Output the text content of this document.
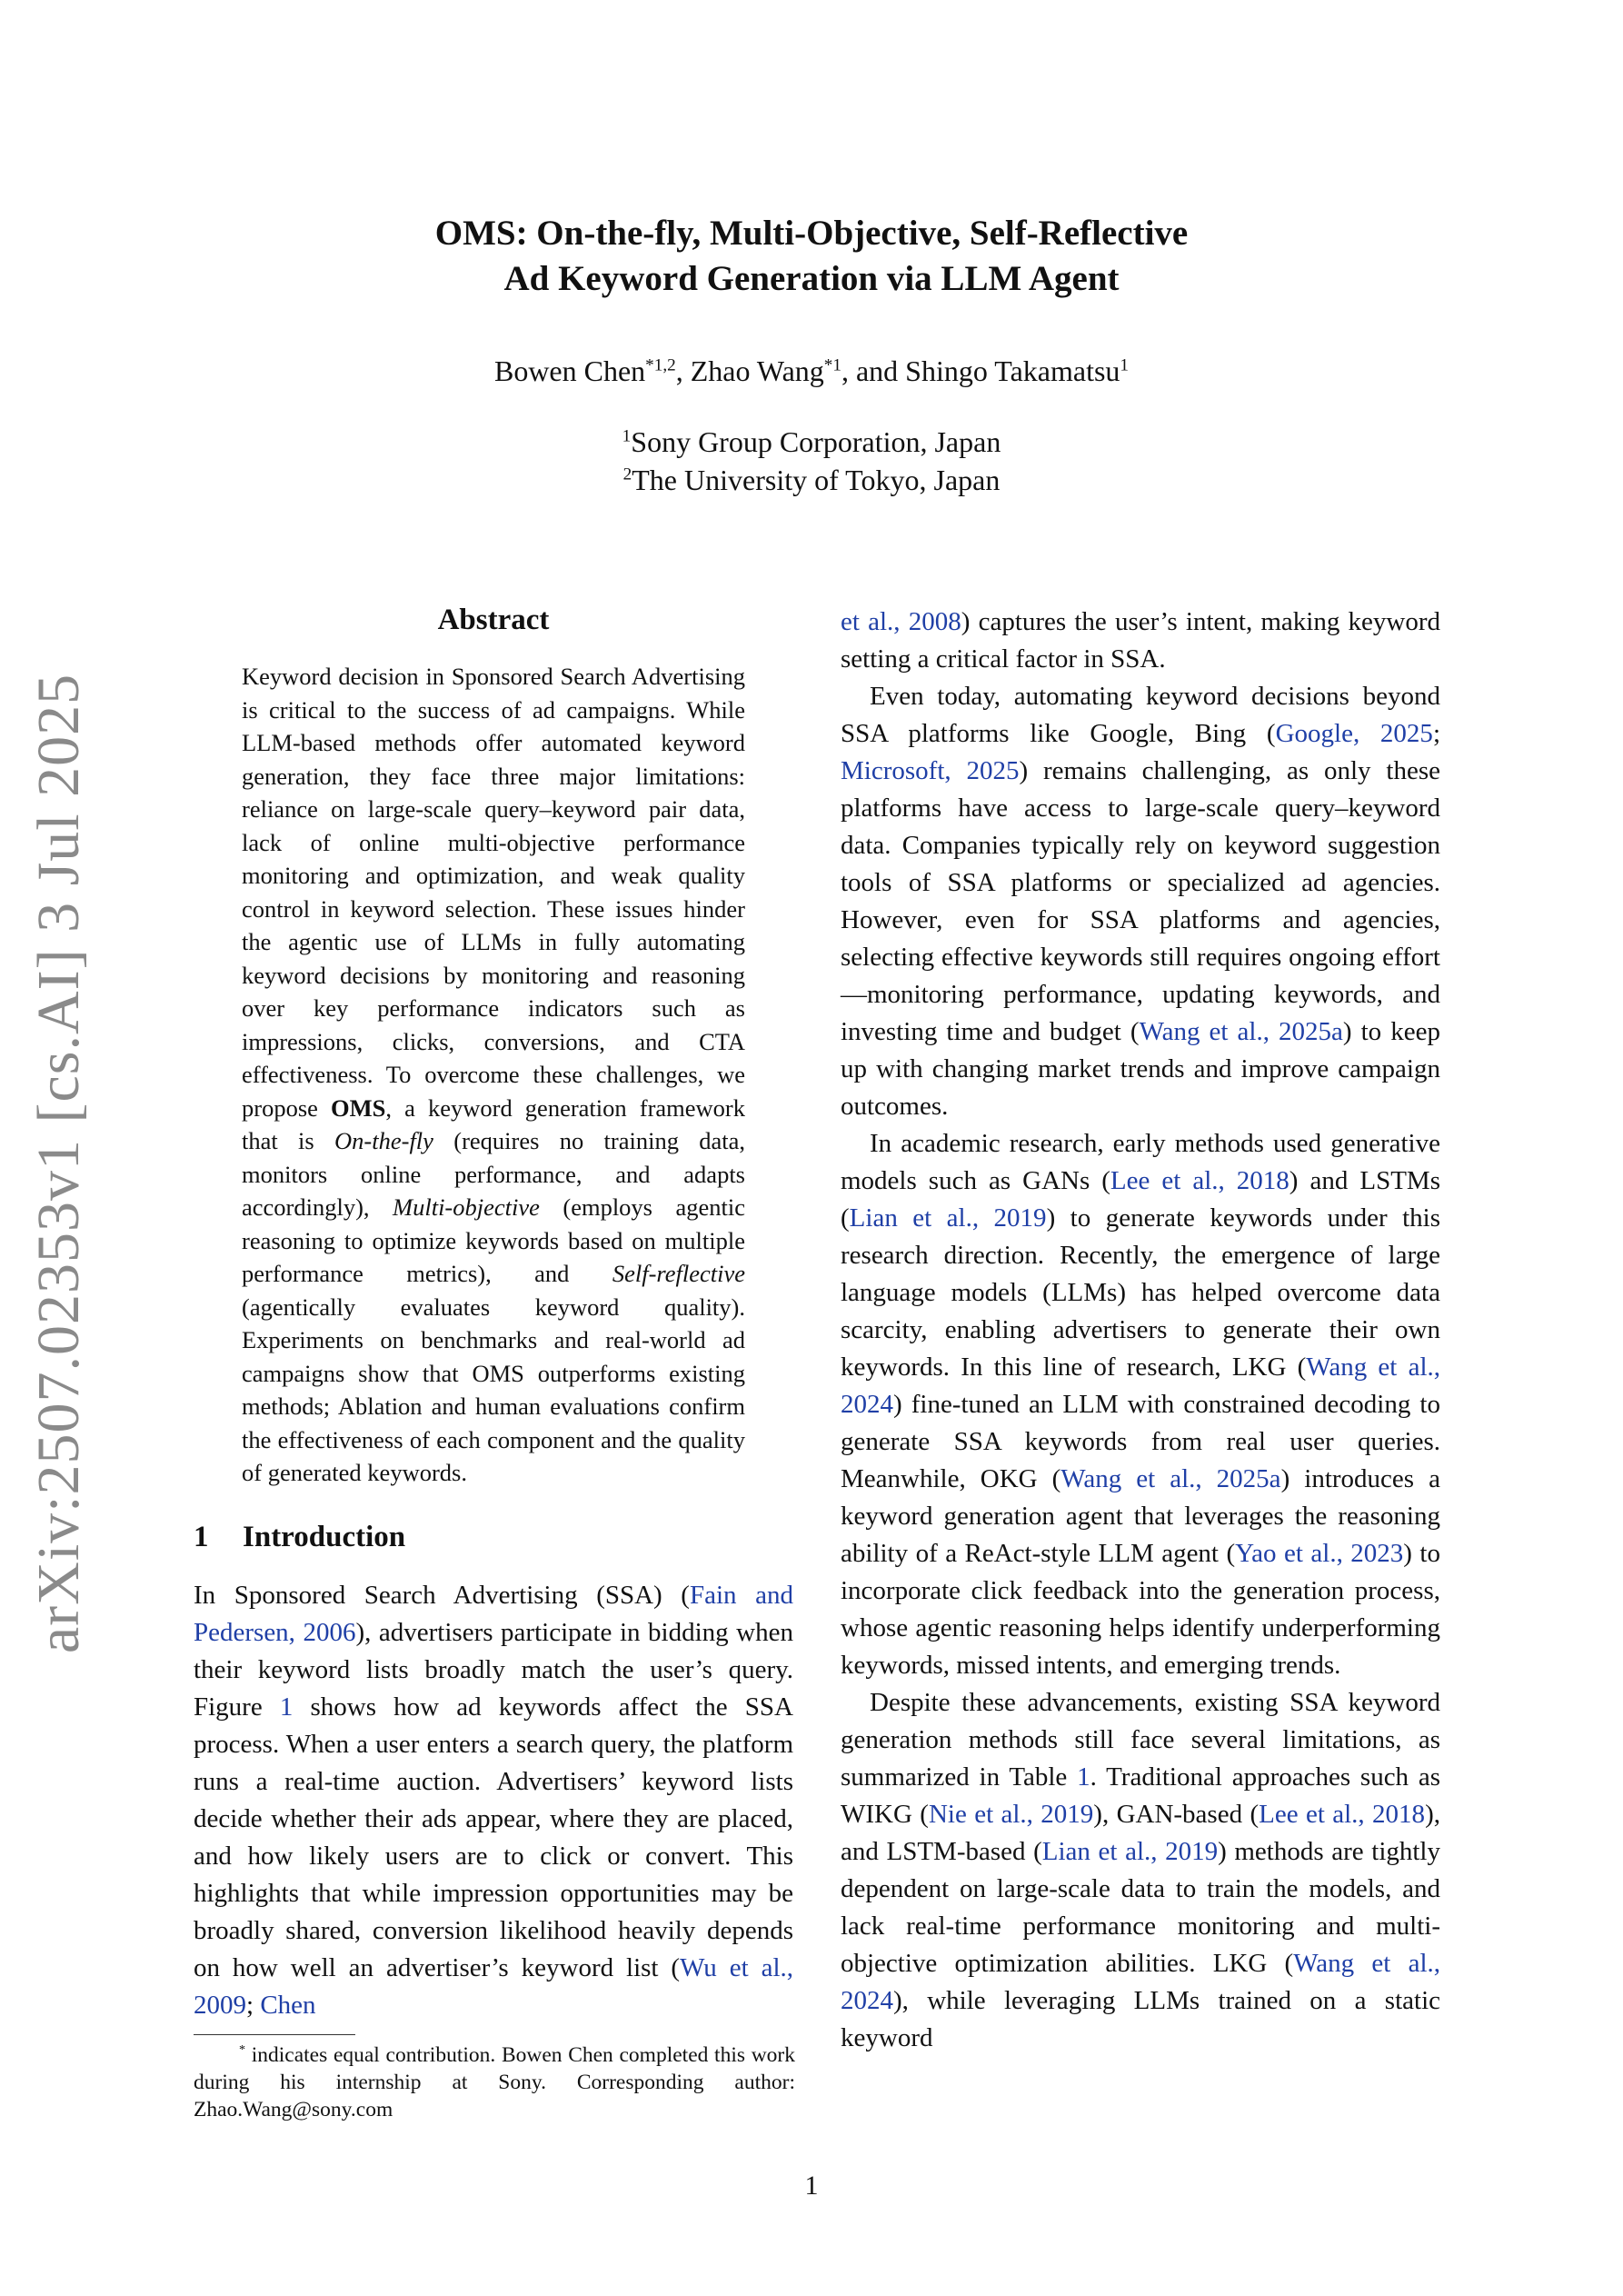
arXiv:2507.02353v1 [cs.AI] 3 Jul 2025
OMS: On-the-fly, Multi-Objective, Self-Reflective
Ad Keyword Generation via LLM Agent
Bowen Chen$^{*1,2}$, Zhao Wang$^{*1}$, and Shingo Takamatsu$^1$
$^1$Sony Group Corporation, Japan
$^2$The University of Tokyo, Japan
Abstract
Keyword decision in Sponsored Search Advertising is critical to the success of ad campaigns. While LLM-based methods offer automated keyword generation, they face three major limitations: reliance on large-scale query–keyword pair data, lack of online multi-objective performance monitoring and optimization, and weak quality control in keyword selection. These issues hinder the agentic use of LLMs in fully automating keyword decisions by monitoring and reasoning over key performance indicators such as impressions, clicks, conversions, and CTA effectiveness. To overcome these challenges, we propose OMS, a keyword generation framework that is On-the-fly (requires no training data, monitors online performance, and adapts accordingly), Multi-objective (employs agentic reasoning to optimize keywords based on multiple performance metrics), and Self-reflective (agentically evaluates keyword quality). Experiments on benchmarks and real-world ad campaigns show that OMS outperforms existing methods; Ablation and human evaluations confirm the effectiveness of each component and the quality of generated keywords.
1 Introduction

In Sponsored Search Advertising (SSA) (Fain and Pedersen, 2006), advertisers participate in bidding when their keyword lists broadly match the user’s query. Figure 1 shows how ad keywords affect the SSA process. When a user enters a search query, the platform runs a real-time auction. Advertisers’ keyword lists decide whether their ads appear, where they are placed, and how likely users are to click or convert. This highlights that while impression opportunities may be broadly shared, conversion likelihood heavily depends on how well an advertiser’s keyword list (Wu et al., 2009; Chen

et al., 2008) captures the user’s intent, making keyword setting a critical factor in SSA.

Even today, automating keyword decisions beyond SSA platforms like Google, Bing (Google, 2025; Microsoft, 2025) remains challenging, as only these platforms have access to large-scale query–keyword data. Companies typically rely on keyword suggestion tools of SSA platforms or specialized ad agencies. However, even for SSA platforms and agencies, selecting effective keywords still requires ongoing effort—monitoring performance, updating keywords, and investing time and budget (Wang et al., 2025a) to keep up with changing market trends and improve campaign outcomes.

In academic research, early methods used generative models such as GANs (Lee et al., 2018) and LSTMs (Lian et al., 2019) to generate keywords under this research direction. Recently, the emergence of large language models (LLMs) has helped overcome data scarcity, enabling advertisers to generate their own keywords. In this line of research, LKG (Wang et al., 2024) fine-tuned an LLM with constrained decoding to generate SSA keywords from real user queries. Meanwhile, OKG (Wang et al., 2025a) introduces a keyword generation agent that leverages the reasoning ability of a ReAct-style LLM agent (Yao et al., 2023) to incorporate click feedback into the generation process, whose agentic reasoning helps identify underperforming keywords, missed intents, and emerging trends.

Despite these advancements, existing SSA keyword generation methods still face several limitations, as summarized in Table 1. Traditional approaches such as WIKG (Nie et al., 2019), GAN-based (Lee et al., 2018), and LSTM-based (Lian et al., 2019) methods are tightly dependent on large-scale data to train the models, and lack real-time performance monitoring and multi-objective optimization abilities. LKG (Wang et al., 2024), while leveraging LLMs trained on a static keyword

* indicates equal contribution. Bowen Chen completed this work during his internship at Sony. Corresponding author: Zhao.Wang@sony.com

1
